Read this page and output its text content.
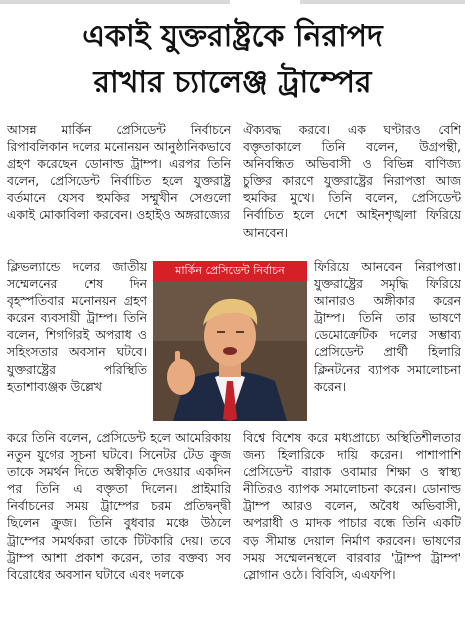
একাই যুক্তরাষ্ট্রকে নিরাপদ
রাখার চ্যালেঞ্জ ট্রাম্পের

আসন্ন মার্কিন প্রেসিডেন্ট নির্বাচনে রিপাবলিকান দলের মনোনয়ন আনুষ্ঠানিকভাবে গ্রহণ করেছেন ডোনাল্ড ট্রাম্প। এরপর তিনি বলেন, প্রেসিডেন্ট নির্বাচিত হলে যুক্তরাষ্ট্র বর্তমানে যেসব হুমকির সম্মুখীন সেগুলো একাই মোকাবিলা করবেন। ওহাইও অঙ্গরাজ্যের

ক্লিভল্যান্ডে দলের জাতীয় সম্মেলনের শেষ দিন বৃহস্পতিবার মনোনয়ন গ্রহণ করেন ব্যবসায়ী ট্রাম্প। তিনি বলেন, শিগগিরই অপরাধ ও সহিংসতার অবসান ঘটবে। যুক্তরাষ্ট্রের পরিস্থিতি হতাশাব্যঞ্জক উল্লেখ

ঐক্যবদ্ধ করবে। এক ঘণ্টারও বেশি বক্তৃতাকালে তিনি বলেন, উগ্রপন্থী, অনিবন্ধিত অভিবাসী ও বিভিন্ন বাণিজ্য চুক্তির কারণে যুক্তরাষ্ট্রের নিরাপত্তা আজ হুমকির মুখে। তিনি বলেন, প্রেসিডেন্ট নির্বাচিত হলে দেশে আইনশৃঙ্খলা ফিরিয়ে আনবেন।

ফিরিয়ে আনবেন নিরাপত্তা। যুক্তরাষ্ট্রের সমৃদ্ধি ফিরিয়ে আনারও অঙ্গীকার করেন ট্রাম্প। তিনি তার ভাষণে ডেমোক্রেটিক দলের সম্ভাব্য প্রেসিডেন্ট প্রার্থী হিলারি ক্লিনটনের ব্যাপক সমালোচনা করেন।

মার্কিন প্রেসিডেন্ট নির্বাচন

করে তিনি বলেন, প্রেসিডেন্ট হলে আমেরিকায় নতুন যুগের সূচনা ঘটবে। সিনেটর টেড ক্রুজ তাকে সমর্থন দিতে অস্বীকৃতি দেওয়ার একদিন পর তিনি এ বক্তৃতা দিলেন। প্রাইমারি নির্বাচনের সময় ট্রাম্পের চরম প্রতিদ্বন্দ্বী ছিলেন ক্রুজ। তিনি বুধবার মঞ্চে উঠলে ট্রাম্পের সমর্থকরা তাকে টিটকারি দেয়। তবে ট্রাম্প আশা প্রকাশ করেন, তার বক্তব্য সব বিরোধের অবসান ঘটাবে এবং দলকে

বিশ্বে বিশেষ করে মধ্যপ্রাচ্যে অস্থিতিশীলতার জন্য হিলারিকে দায়ি করেন। পাশাপাশি প্রেসিডেন্ট বারাক ওবামার শিক্ষা ও স্বাস্থ্য নীতিরও ব্যাপক সমালোচনা করেন। ডোনাল্ড ট্রাম্প আরও বলেন, অবৈধ অভিবাসী, অপরাধী ও মাদক পাচার বন্ধে তিনি একটি বড় সীমান্ত দেয়াল নির্মাণ করবেন। ভাষণের সময় সম্মেলনস্থলে বারবার 'ট্রাম্প ট্রাম্প' স্লোগান ওঠে। বিবিসি, এএফপি।
